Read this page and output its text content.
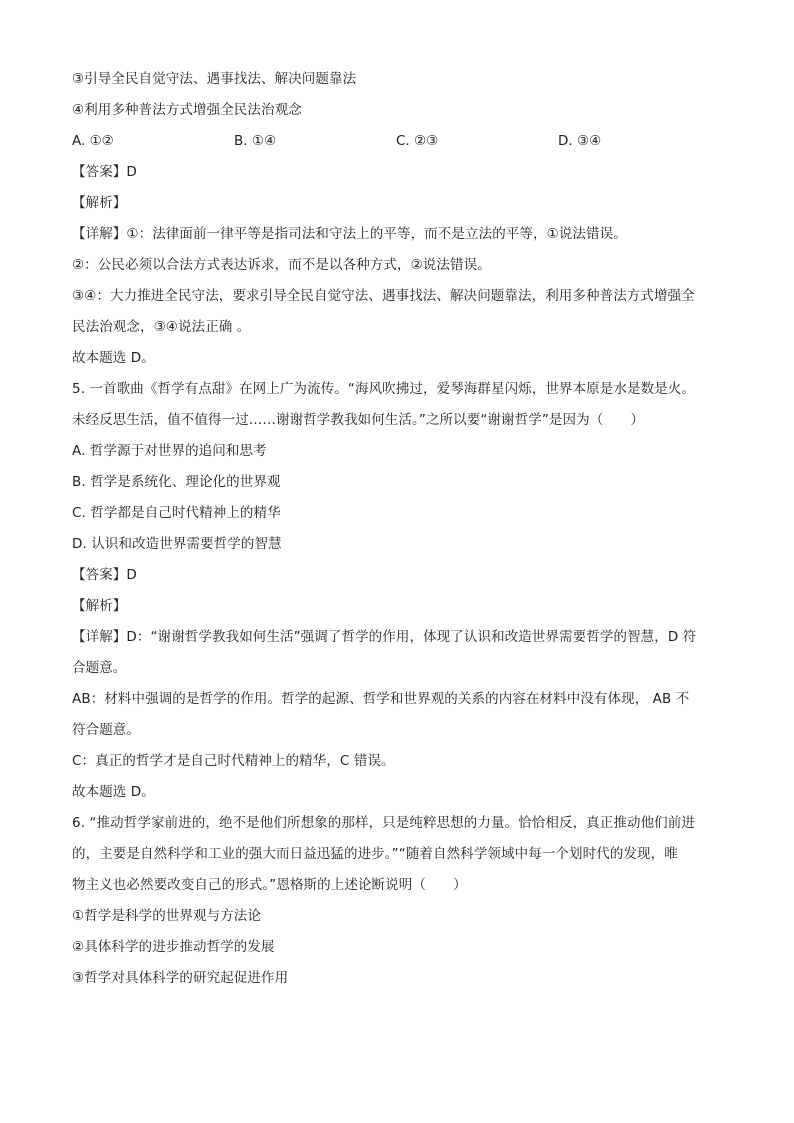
③引导全民自觉守法、遇事找法、解决问题靠法
④利用多种普法方式增强全民法治观念
A. ①②	B. ①④	C. ②③	D. ③④
【答案】D
【解析】
【详解】①：法律面前一律平等是指司法和守法上的平等，而不是立法的平等，①说法错误。
②：公民必须以合法方式表达诉求，而不是以各种方式，②说法错误。
③④：大力推进全民守法，要求引导全民自觉守法、遇事找法、解决问题靠法，利用多种普法方式增强全
民法治观念，③④说法正确 。
故本题选 D。
5. 一首歌曲《哲学有点甜》在网上广为流传。“海风吹拂过，爱琴海群星闪烁，世界本原是水是数是火。
未经反思生活，值不值得一过……谢谢哲学教我如何生活。”之所以要“谢谢哲学”是因为（　　）
A. 哲学源于对世界的追问和思考
B. 哲学是系统化、理论化的世界观
C. 哲学都是自己时代精神上的精华
D. 认识和改造世界需要哲学的智慧
【答案】D
【解析】
【详解】D：“谢谢哲学教我如何生活”强调了哲学的作用，体现了认识和改造世界需要哲学的智慧，D 符
合题意。
AB：材料中强调的是哲学的作用。哲学的起源、哲学和世界观的关系的内容在材料中没有体现， AB 不
符合题意。
C：真正的哲学才是自己时代精神上的精华，C 错误。
故本题选 D。
6. “推动哲学家前进的，绝不是他们所想象的那样，只是纯粹思想的力量。恰恰相反，真正推动他们前进
的，主要是自然科学和工业的强大而日益迅猛的进步。”“随着自然科学领域中每一个划时代的发现，唯
物主义也必然要改变自己的形式。”恩格斯的上述论断说明（　　）
①哲学是科学的世界观与方法论
②具体科学的进步推动哲学的发展
③哲学对具体科学的研究起促进作用
